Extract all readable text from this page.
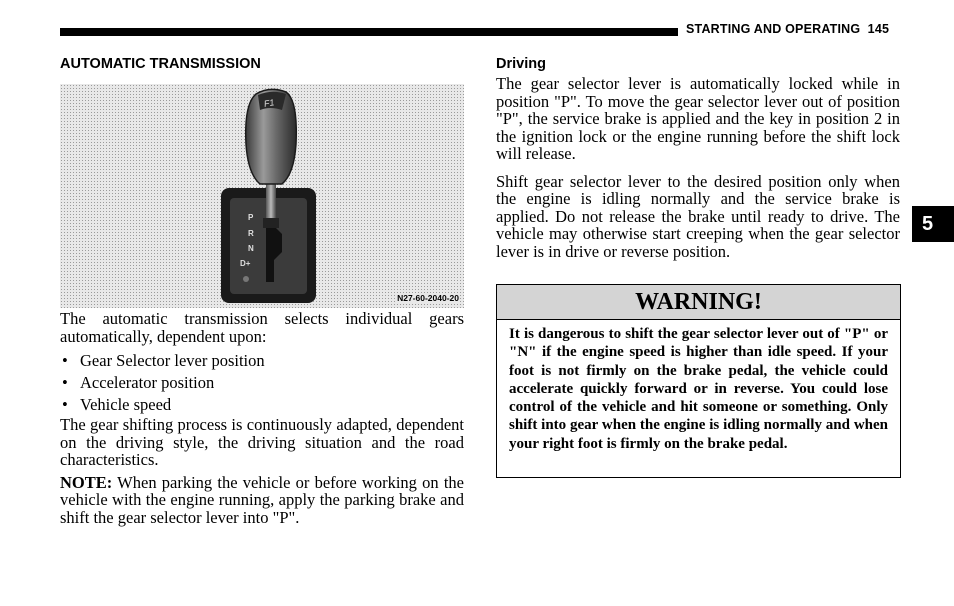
STARTING AND OPERATING 145
5
AUTOMATIC TRANSMISSION
F1
P
R
N
D+
N27-60-2040-20

The automatic transmission selects individual gears automatically, dependent upon:

• Gear Selector lever position
• Accelerator position
• Vehicle speed

The gear shifting process is continuously adapted, dependent on the driving style, the driving situation and the road characteristics.

NOTE: When parking the vehicle or before working on the vehicle with the engine running, apply the parking brake and shift the gear selector lever into "P".

Driving

The gear selector lever is automatically locked while in position "P". To move the gear selector lever out of position "P", the service brake is applied and the key in position 2 in the ignition lock or the engine running before the shift lock will release.

Shift gear selector lever to the desired position only when the engine is idling normally and the service brake is applied. Do not release the brake until ready to drive. The vehicle may otherwise start creeping when the gear selector lever is in drive or reverse position.

WARNING!
It is dangerous to shift the gear selector lever out of "P" or "N" if the engine speed is higher than idle speed. If your foot is not firmly on the brake pedal, the vehicle could accelerate quickly forward or in reverse. You could lose control of the vehicle and hit someone or something. Only shift into gear when the engine is idling normally and when your right foot is firmly on the brake pedal.
